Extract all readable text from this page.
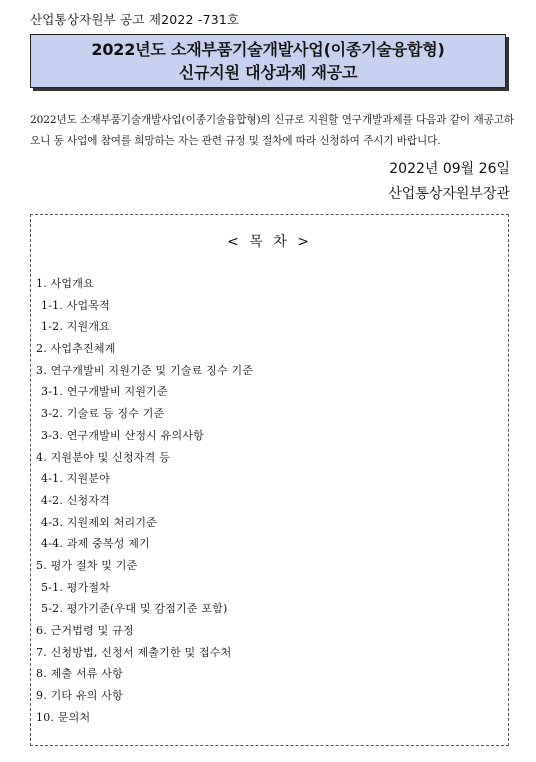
산업통상자원부 공고 제2022 -731호
2022년도 소재부품기술개발사업(이종기술융합형)
신규지원 대상과제 재공고
2022년도 소재부품기술개발사업(이종기술융합형)의 신규로 지원할 연구개발과제를 다음과 같이 재공고하오니 동 사업에 참여를 희망하는 자는 관련 규정 및 절차에 따라 신청하여 주시기 바랍니다.
2022년 09월 26일
산업통상자원부장관
< 목 차 >
1. 사업개요
1-1. 사업목적
1-2. 지원개요
2. 사업추진체계
3. 연구개발비 지원기준 및 기술료 징수 기준
3-1. 연구개발비 지원기준
3-2. 기술료 등 징수 기준
3-3. 연구개발비 산정시 유의사항
4. 지원분야 및 신청자격 등
4-1. 지원분야
4-2. 신청자격
4-3. 지원제외 처리기준
4-4. 과제 중복성 제기
5. 평가 절차 및 기준
5-1. 평가절차
5-2. 평가기준(우대 및 감점기준 포함)
6. 근거법령 및 규정
7. 신청방법, 신청서 제출기한 및 접수처
8. 제출 서류 사항
9. 기타 유의 사항
10. 문의처
